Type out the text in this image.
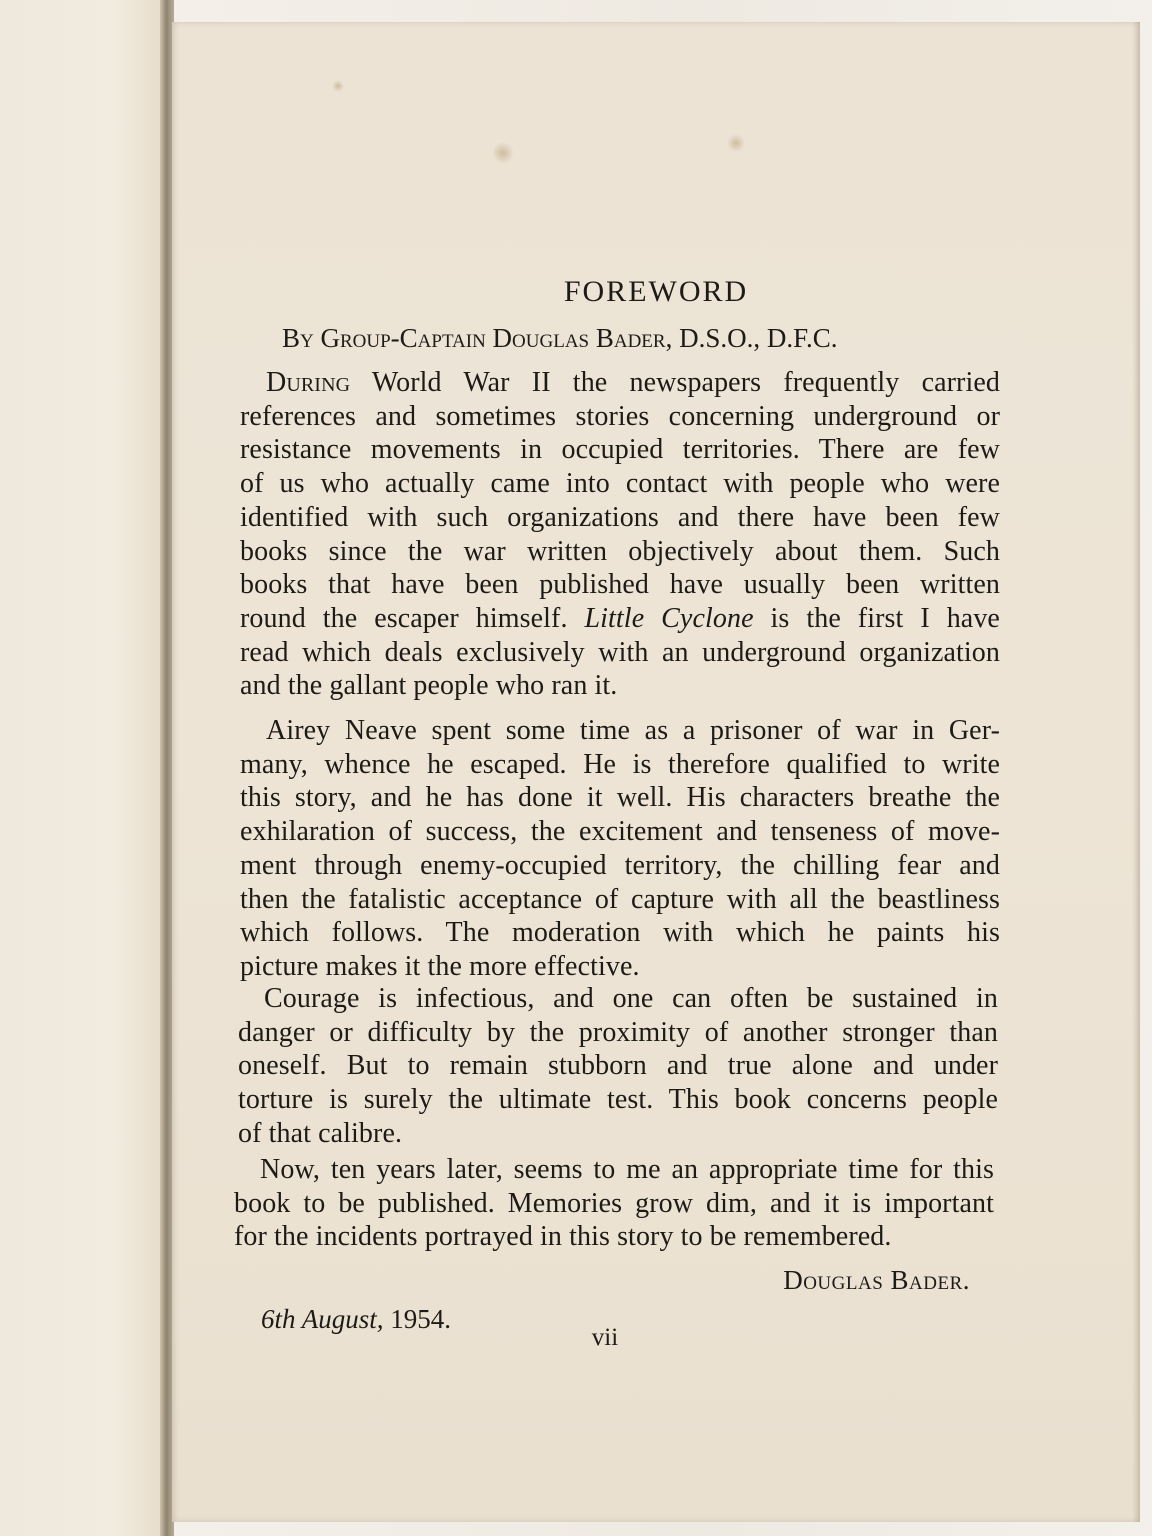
FOREWORD
By Group-Captain Douglas Bader, D.S.O., D.F.C.
During World War II the newspapers frequently carried
references and sometimes stories concerning underground or
resistance movements in occupied territories. There are few
of us who actually came into contact with people who were
identified with such organizations and there have been few
books since the war written objectively about them. Such
books that have been published have usually been written
round the escaper himself. Little Cyclone is the first I have
read which deals exclusively with an underground organization
and the gallant people who ran it.
Airey Neave spent some time as a prisoner of war in Ger-
many, whence he escaped. He is therefore qualified to write
this story, and he has done it well. His characters breathe the
exhilaration of success, the excitement and tenseness of move-
ment through enemy-occupied territory, the chilling fear and
then the fatalistic acceptance of capture with all the beastliness
which follows. The moderation with which he paints his
picture makes it the more effective.
Courage is infectious, and one can often be sustained in
danger or difficulty by the proximity of another stronger than
oneself. But to remain stubborn and true alone and under
torture is surely the ultimate test. This book concerns people
of that calibre.
Now, ten years later, seems to me an appropriate time for this
book to be published. Memories grow dim, and it is important
for the incidents portrayed in this story to be remembered.
Douglas Bader.
6th August, 1954.
vii
